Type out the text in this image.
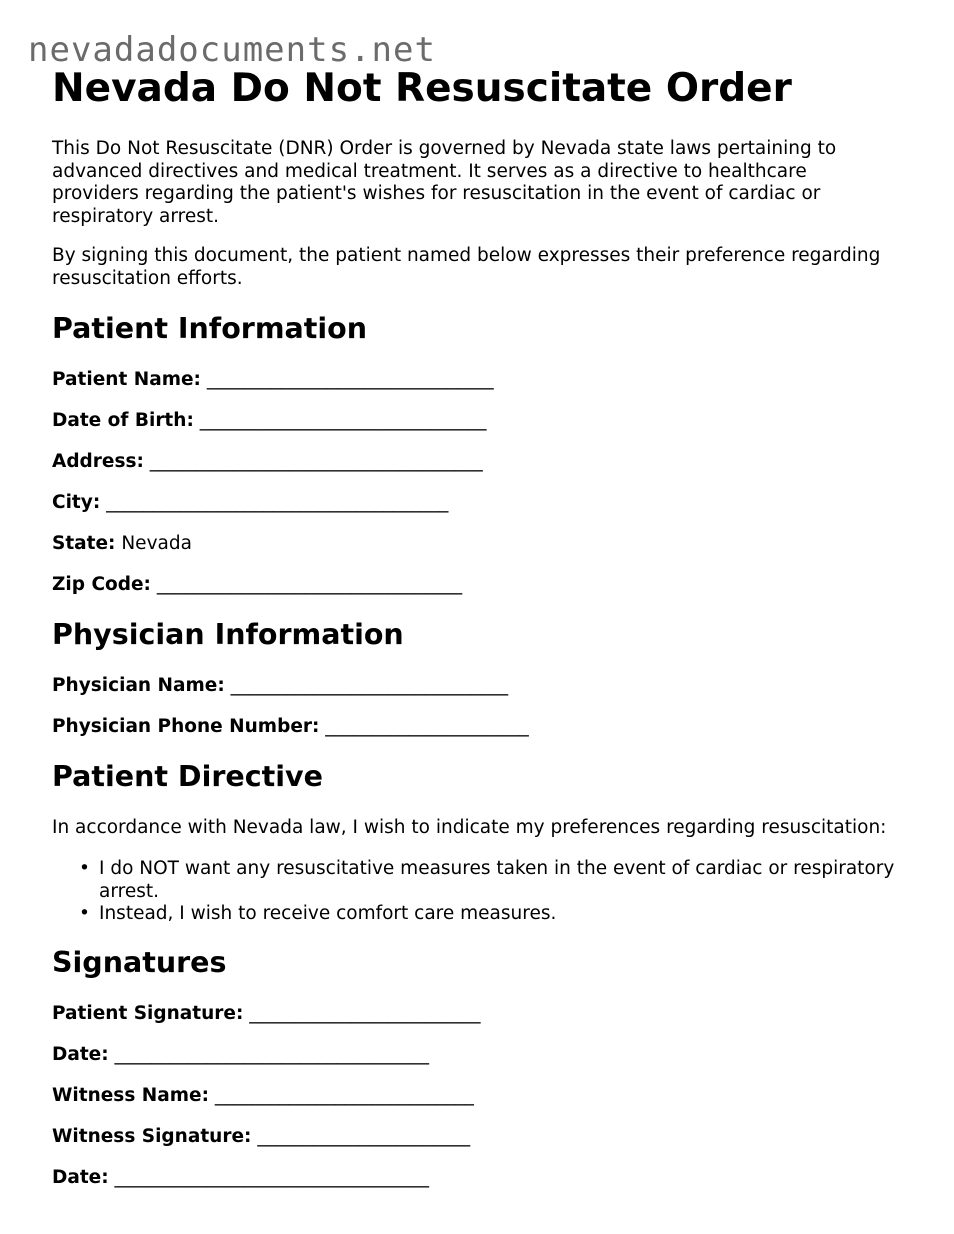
nevadadocuments.net
Nevada Do Not Resuscitate Order

This Do Not Resuscitate (DNR) Order is governed by Nevada state laws pertaining to advanced directives and medical treatment. It serves as a directive to healthcare providers regarding the patient's wishes for resuscitation in the event of cardiac or respiratory arrest.

By signing this document, the patient named below expresses their preference regarding resuscitation efforts.

Patient Information
Patient Name: _______________________________
Date of Birth: _______________________________
Address: ____________________________________
City: _____________________________________
State: Nevada
Zip Code: _________________________________
Physician Information
Physician Name: ______________________________
Physician Phone Number: ______________________
Patient Directive

In accordance with Nevada law, I wish to indicate my preferences regarding resuscitation:

• I do NOT want any resuscitative measures taken in the event of cardiac or respiratory arrest.
• Instead, I wish to receive comfort care measures.
Signatures
Patient Signature: _________________________
Date: __________________________________
Witness Name: ____________________________
Witness Signature: _______________________
Date: __________________________________
